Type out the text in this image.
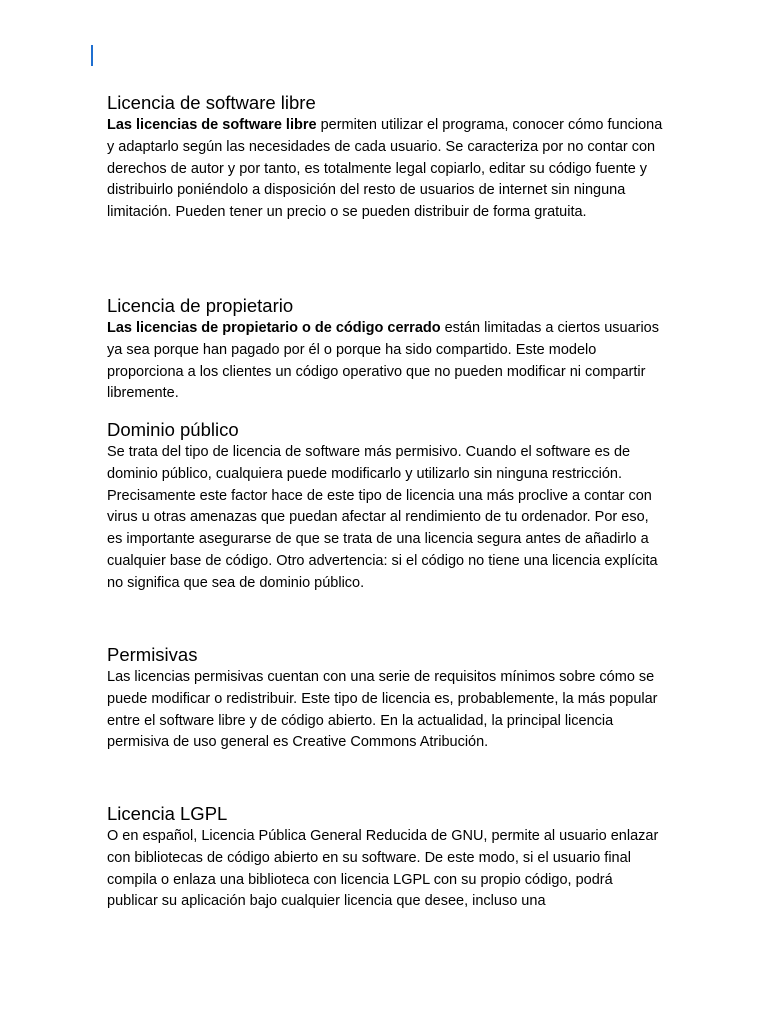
Licencia de software libre

Las licencias de software libre permiten utilizar el programa, conocer cómo funciona y adaptarlo según las necesidades de cada usuario. Se caracteriza por no contar con derechos de autor y por tanto, es totalmente legal copiarlo, editar su código fuente y distribuirlo poniéndolo a disposición del resto de usuarios de internet sin ninguna limitación. Pueden tener un precio o se pueden distribuir de forma gratuita.

Licencia de propietario

Las licencias de propietario o de código cerrado están limitadas a ciertos usuarios ya sea porque han pagado por él o porque ha sido compartido. Este modelo proporciona a los clientes un código operativo que no pueden modificar ni compartir libremente.

Dominio público

Se trata del tipo de licencia de software más permisivo. Cuando el software es de dominio público, cualquiera puede modificarlo y utilizarlo sin ninguna restricción. Precisamente este factor hace de este tipo de licencia una más proclive a contar con virus u otras amenazas que puedan afectar al rendimiento de tu ordenador. Por eso, es importante asegurarse de que se trata de una licencia segura antes de añadirlo a cualquier base de código. Otro advertencia: si el código no tiene una licencia explícita no significa que sea de dominio público.

Permisivas

Las licencias permisivas cuentan con una serie de requisitos mínimos sobre cómo se puede modificar o redistribuir. Este tipo de licencia es, probablemente, la más popular entre el software libre y de código abierto. En la actualidad, la principal licencia permisiva de uso general es Creative Commons Atribución.

Licencia LGPL

O en español, Licencia Pública General Reducida de GNU, permite al usuario enlazar con bibliotecas de código abierto en su software. De este modo, si el usuario final compila o enlaza una biblioteca con licencia LGPL con su propio código, podrá publicar su aplicación bajo cualquier licencia que desee, incluso una
